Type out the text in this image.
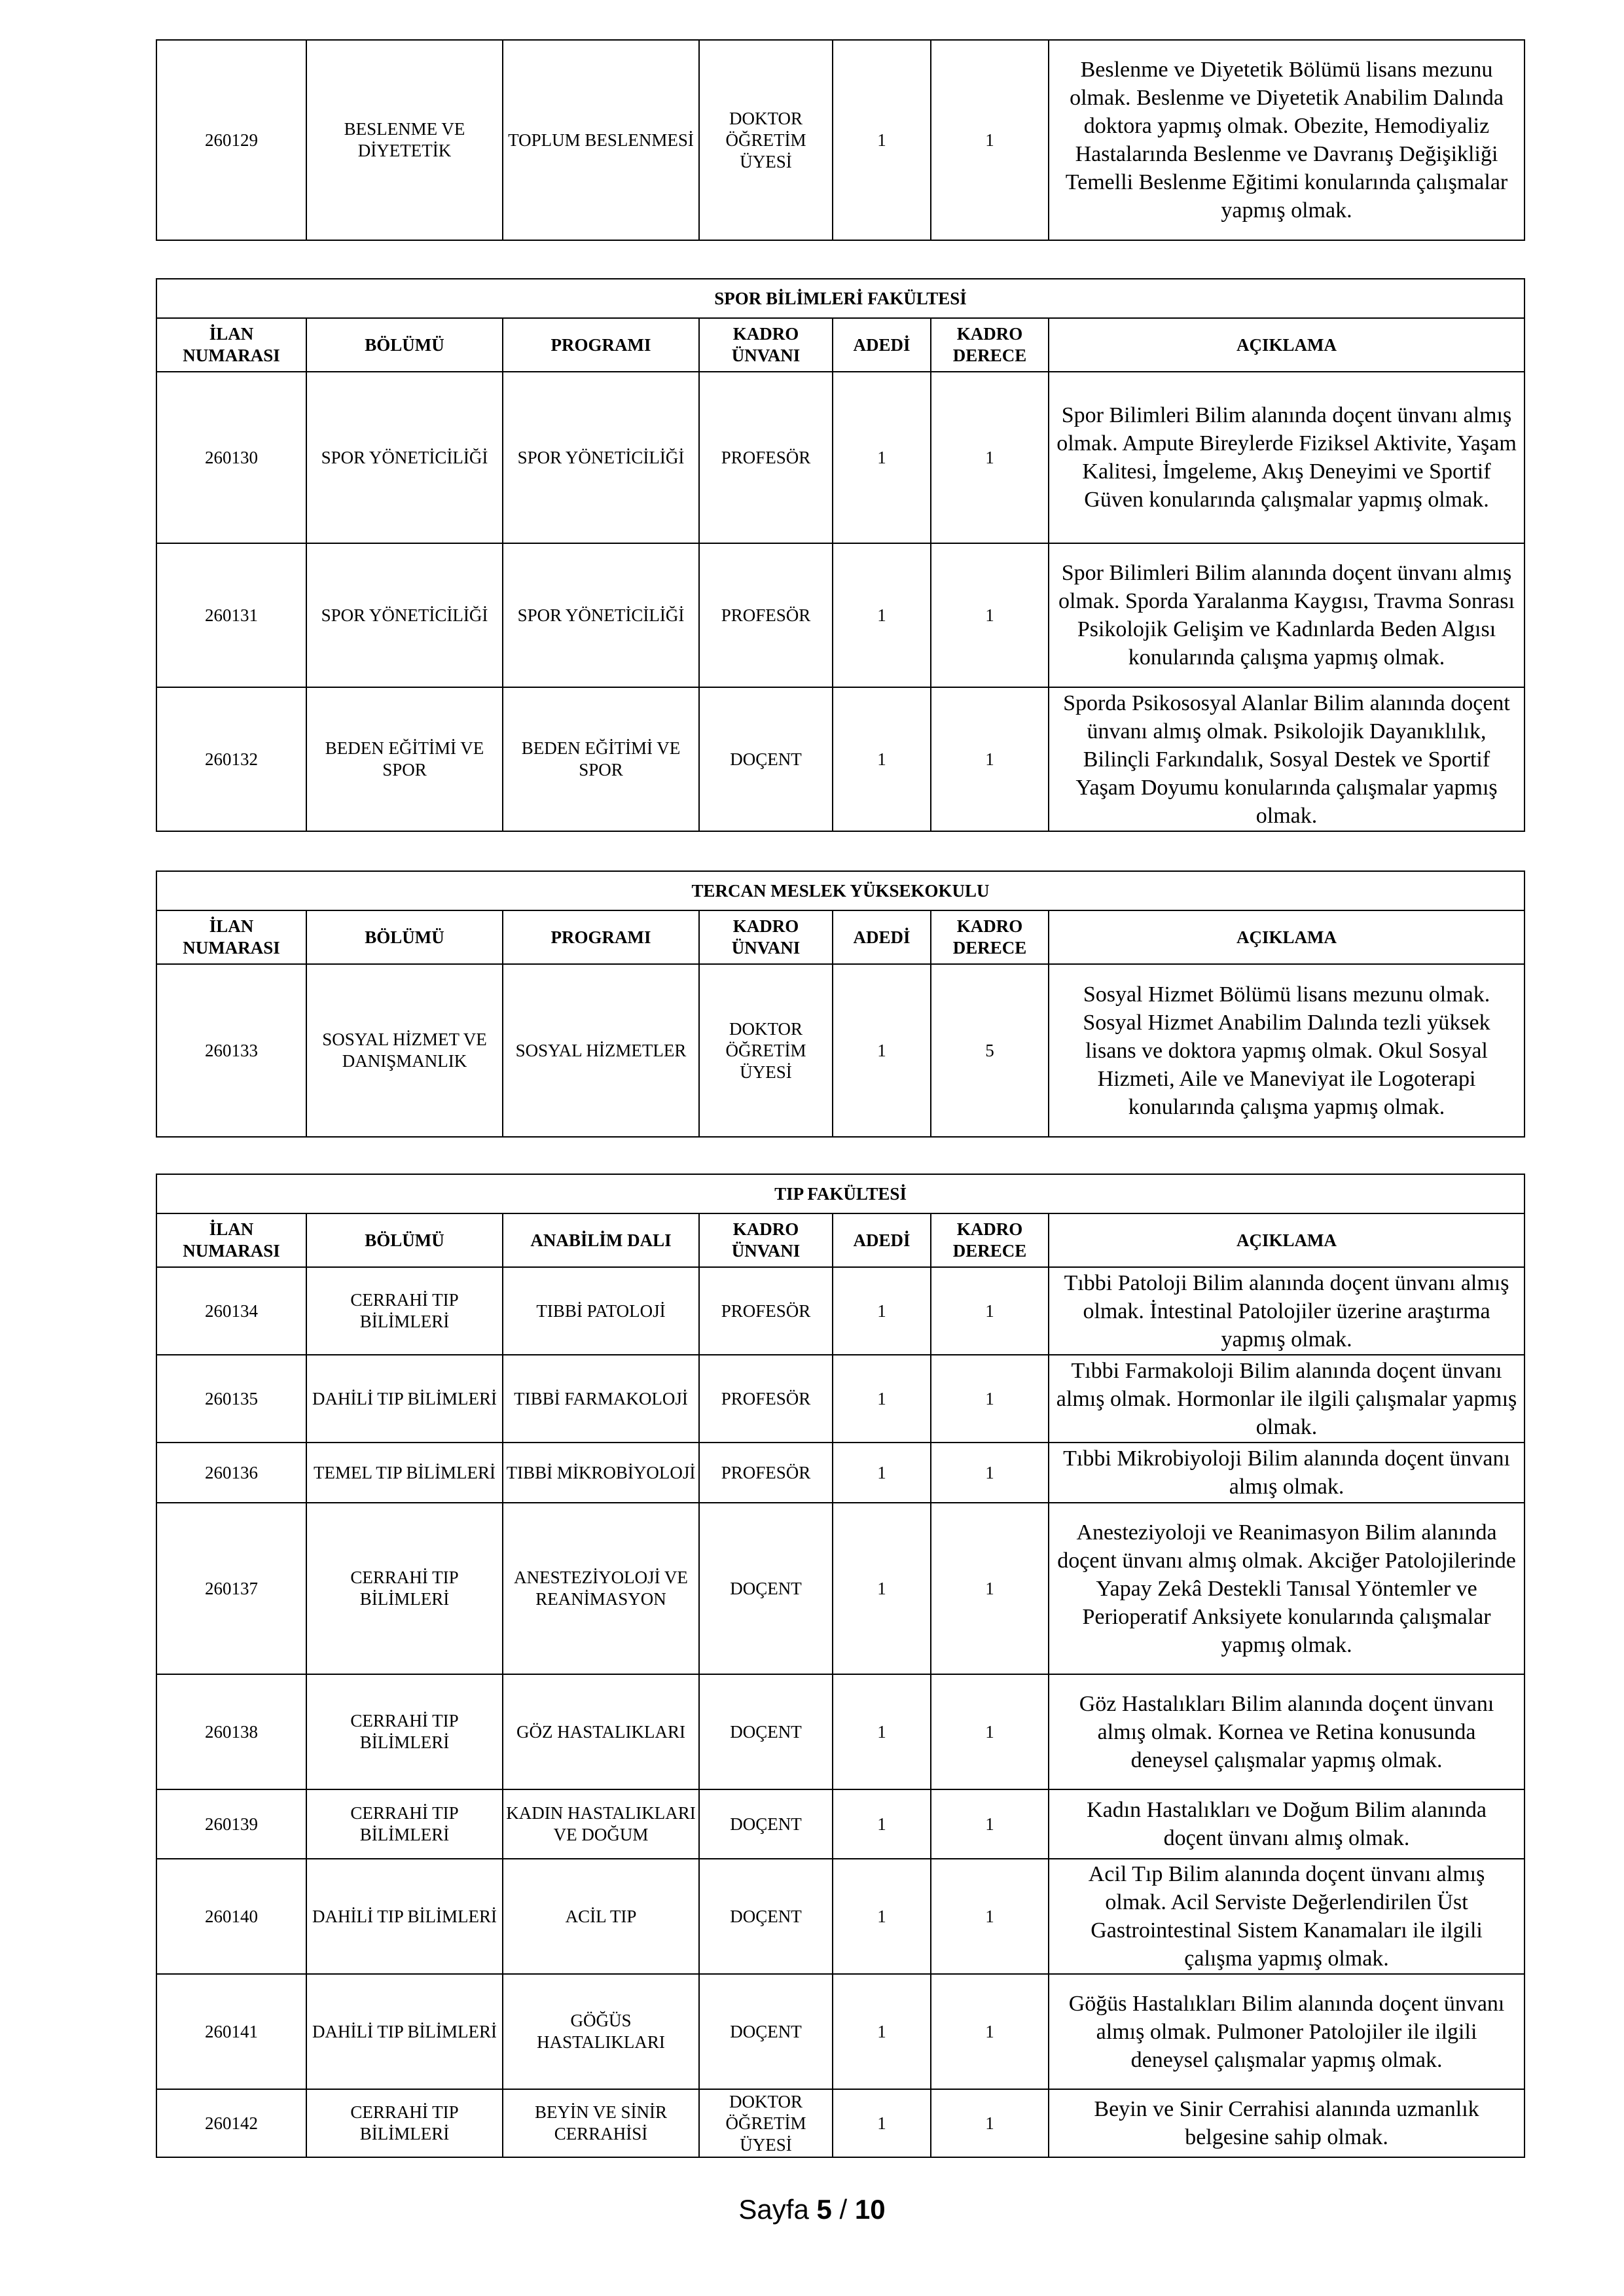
260129	BESLENME VE DİYETETİK	TOPLUM BESLENMESİ	DOKTOR ÖĞRETİM ÜYESİ	1	1	Beslenme ve Diyetetik Bölümü lisans mezunu olmak. Beslenme ve Diyetetik Anabilim Dalında doktora yapmış olmak. Obezite, Hemodiyaliz Hastalarında Beslenme ve Davranış Değişikliği Temelli Beslenme Eğitimi konularında çalışmalar yapmış olmak.
SPOR BİLİMLERİ FAKÜLTESİ						
İLAN NUMARASI	BÖLÜMÜ	PROGRAMI	KADRO ÜNVANI	ADEDİ	KADRO DERECE	AÇIKLAMA
260130	SPOR YÖNETİCİLİĞİ	SPOR YÖNETİCİLİĞİ	PROFESÖR	1	1	Spor Bilimleri Bilim alanında doçent ünvanı almış olmak. Ampute Bireylerde Fiziksel Aktivite, Yaşam Kalitesi, İmgeleme, Akış Deneyimi ve Sportif Güven konularında çalışmalar yapmış olmak.
260131	SPOR YÖNETİCİLİĞİ	SPOR YÖNETİCİLİĞİ	PROFESÖR	1	1	Spor Bilimleri Bilim alanında doçent ünvanı almış olmak. Sporda Yaralanma Kaygısı, Travma Sonrası Psikolojik Gelişim ve Kadınlarda Beden Algısı konularında çalışma yapmış olmak.
260132	BEDEN EĞİTİMİ VE SPOR	BEDEN EĞİTİMİ VE SPOR	DOÇENT	1	1	Sporda Psikososyal Alanlar Bilim alanında doçent ünvanı almış olmak. Psikolojik Dayanıklılık, Bilinçli Farkındalık, Sosyal Destek ve Sportif Yaşam Doyumu konularında çalışmalar yapmış olmak.
TERCAN MESLEK YÜKSEKOKULU						
İLAN NUMARASI	BÖLÜMÜ	PROGRAMI	KADRO ÜNVANI	ADEDİ	KADRO DERECE	AÇIKLAMA
260133	SOSYAL HİZMET VE DANIŞMANLIK	SOSYAL HİZMETLER	DOKTOR ÖĞRETİM ÜYESİ	1	5	Sosyal Hizmet Bölümü lisans mezunu olmak. Sosyal Hizmet Anabilim Dalında tezli yüksek lisans ve doktora yapmış olmak. Okul Sosyal Hizmeti, Aile ve Maneviyat ile Logoterapi konularında çalışma yapmış olmak.
TIP FAKÜLTESİ						
İLAN NUMARASI	BÖLÜMÜ	ANABİLİM DALI	KADRO ÜNVANI	ADEDİ	KADRO DERECE	AÇIKLAMA
260134	CERRAHİ TIP BİLİMLERİ	TIBBİ PATOLOJİ	PROFESÖR	1	1	Tıbbi Patoloji Bilim alanında doçent ünvanı almış olmak. İntestinal Patolojiler üzerine araştırma yapmış olmak.
260135	DAHİLİ TIP BİLİMLERİ	TIBBİ FARMAKOLOJİ	PROFESÖR	1	1	Tıbbi Farmakoloji Bilim alanında doçent ünvanı almış olmak. Hormonlar ile ilgili çalışmalar yapmış olmak.
260136	TEMEL TIP BİLİMLERİ	TIBBİ MİKROBİYOLOJİ	PROFESÖR	1	1	Tıbbi Mikrobiyoloji Bilim alanında doçent ünvanı almış olmak.
260137	CERRAHİ TIP BİLİMLERİ	ANESTEZİYOLOJİ VE REANİMASYON	DOÇENT	1	1	Anesteziyoloji ve Reanimasyon Bilim alanında doçent ünvanı almış olmak. Akciğer Patolojilerinde Yapay Zekâ Destekli Tanısal Yöntemler ve Perioperatif Anksiyete konularında çalışmalar yapmış olmak.
260138	CERRAHİ TIP BİLİMLERİ	GÖZ HASTALIKLARI	DOÇENT	1	1	Göz Hastalıkları Bilim alanında doçent ünvanı almış olmak. Kornea ve Retina konusunda deneysel çalışmalar yapmış olmak.
260139	CERRAHİ TIP BİLİMLERİ	KADIN HASTALIKLARI VE DOĞUM	DOÇENT	1	1	Kadın Hastalıkları ve Doğum Bilim alanında doçent ünvanı almış olmak.
260140	DAHİLİ TIP BİLİMLERİ	ACİL TIP	DOÇENT	1	1	Acil Tıp Bilim alanında doçent ünvanı almış olmak. Acil Serviste Değerlendirilen Üst Gastrointestinal Sistem Kanamaları ile ilgili çalışma yapmış olmak.
260141	DAHİLİ TIP BİLİMLERİ	GÖĞÜS HASTALIKLARI	DOÇENT	1	1	Göğüs Hastalıkları Bilim alanında doçent ünvanı almış olmak. Pulmoner Patolojiler ile ilgili deneysel çalışmalar yapmış olmak.
260142	CERRAHİ TIP BİLİMLERİ	BEYİN VE SİNİR CERRAHİSİ	DOKTOR ÖĞRETİM ÜYESİ	1	1	Beyin ve Sinir Cerrahisi alanında uzmanlık belgesine sahip olmak.
Sayfa 5 / 10
